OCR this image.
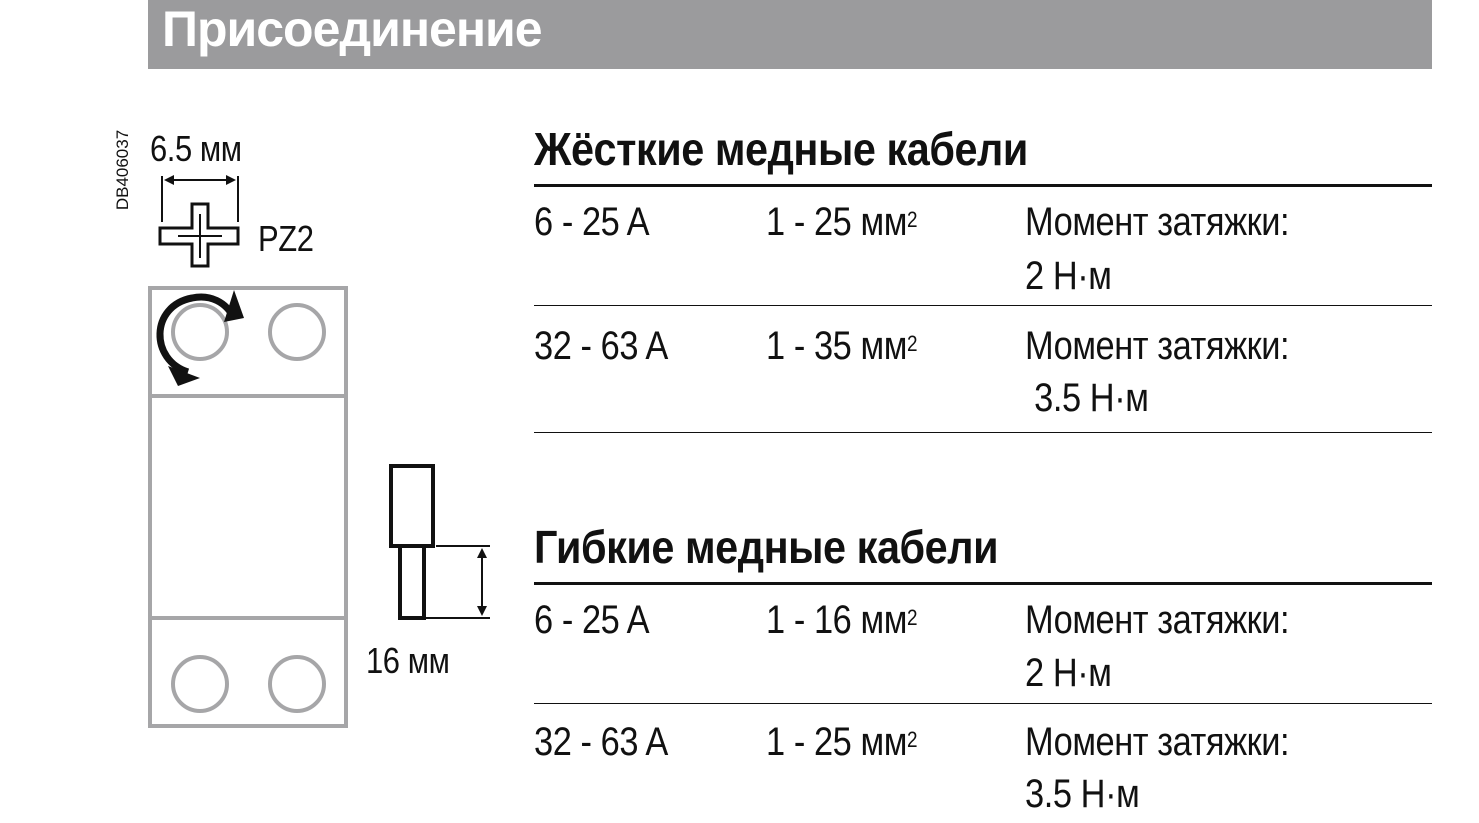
Присоединение
DB406037 6.5 мм
PZ2
16 мм
Жёсткие медные кабели
6 - 25 A	1 - 25 $мм^2$	Момент затяжки:
2 Н·м
32 - 63 A 1 - 35 $мм^2$	Момент затяжки:
3.5 Н·м
Гибкие медные кабели
6 - 25 A	1 - 16 $мм^2$	Момент затяжки:
2 Н·м
32 - 63 A 1 - 25 $мм^2$	Момент затяжки:
3.5 Н·м
